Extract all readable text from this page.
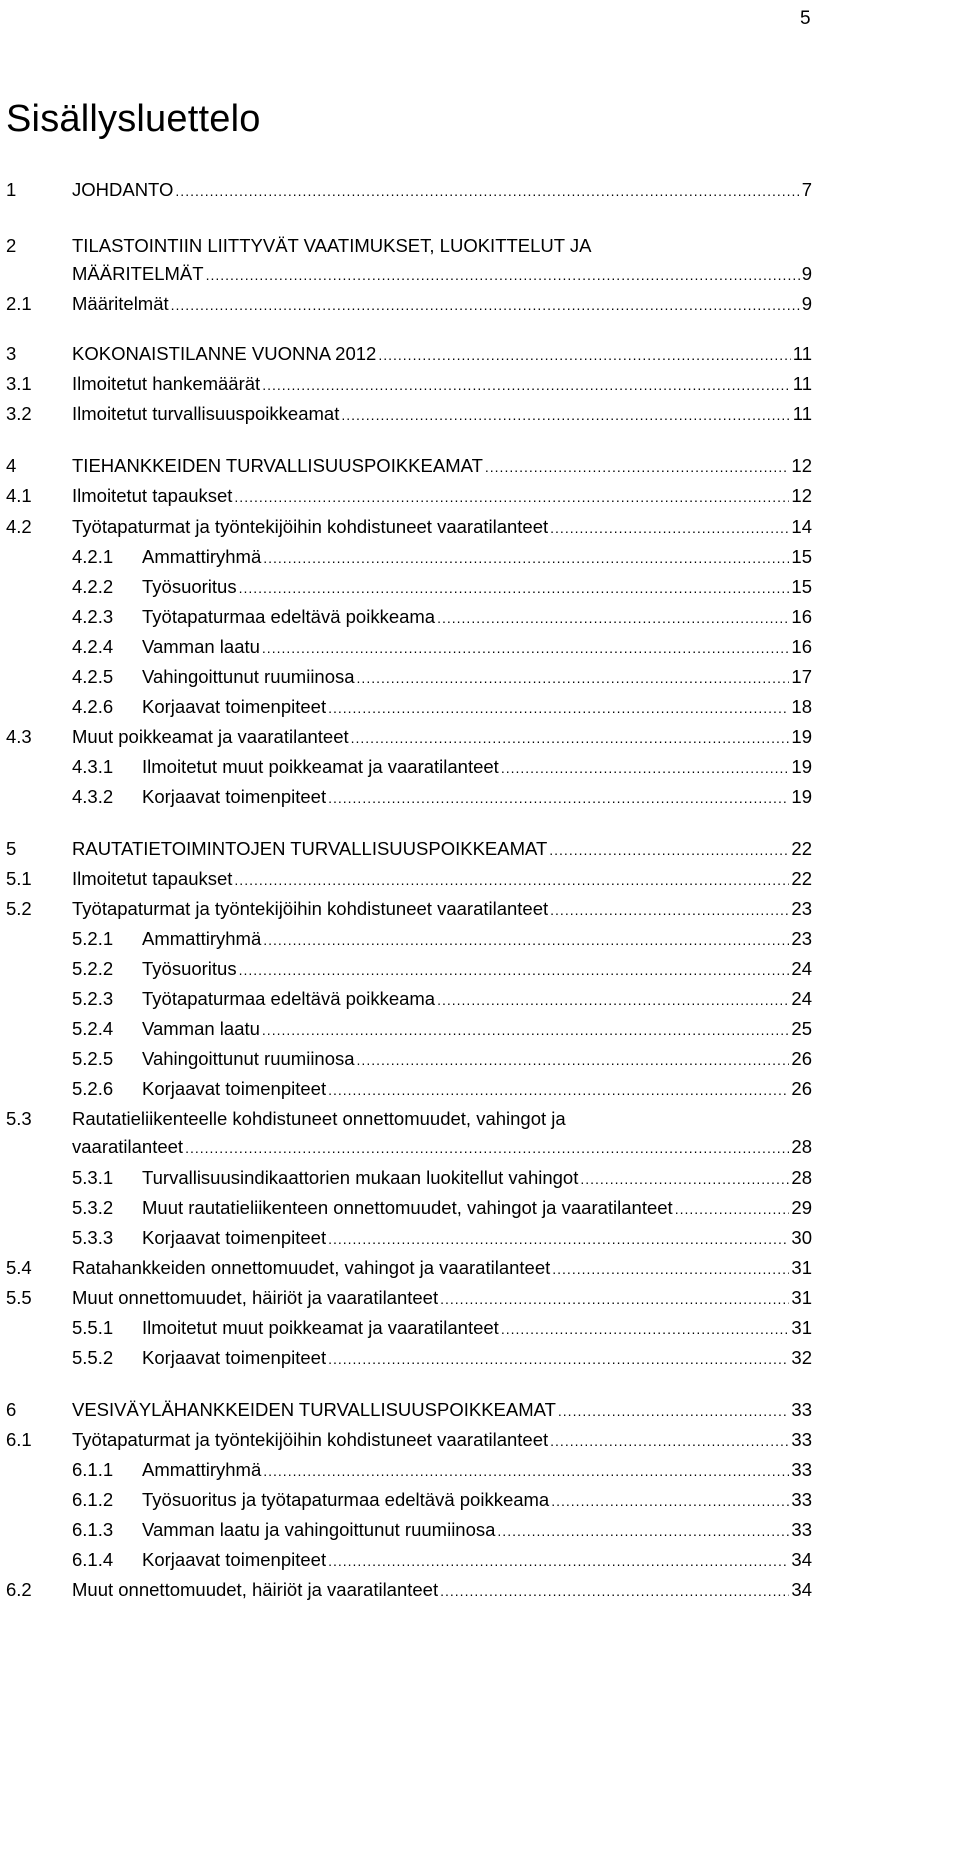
5
Sisällysluettelo
1	JOHDANTO .....	7
2	TILASTOINTIIN LIITTYVÄT VAATIMUKSET, LUOKITTELUT JA
MÄÄRITELMÄT .....	9
2.1 Määritelmät .....	9
3	KOKONAISTILANNE VUONNA 2012 .....	11
3.1 Ilmoitetut hankemäärät .....	11
3.2 Ilmoitetut turvallisuuspoikkeamat .....	11
4	TIEHANKKEIDEN TURVALLISUUSPOIKKEAMAT .....	12
4.1 Ilmoitetut tapaukset .....	12
4.2 Työtapaturmat ja työntekijöihin kohdistuneet vaaratilanteet .....	14
4.2.1 Ammattiryhmä .....	15
4.2.2 Työsuoritus .....	15
4.2.3 Työtapaturmaa edeltävä poikkeama .....	16
4.2.4 Vamman laatu .....	16
4.2.5 Vahingoittunut ruumiinosa .....	17
4.2.6 Korjaavat toimenpiteet .....	18
4.3 Muut poikkeamat ja vaaratilanteet .....	19
4.3.1 Ilmoitetut muut poikkeamat ja vaaratilanteet .....	19
4.3.2 Korjaavat toimenpiteet .....	19
5	RAUTATIETOIMINTOJEN TURVALLISUUSPOIKKEAMAT .....	22
5.1 Ilmoitetut tapaukset .....	22
5.2 Työtapaturmat ja työntekijöihin kohdistuneet vaaratilanteet .....	23
5.2.1 Ammattiryhmä .....	23
5.2.2 Työsuoritus .....	24
5.2.3 Työtapaturmaa edeltävä poikkeama .....	24
5.2.4 Vamman laatu .....	25
5.2.5 Vahingoittunut ruumiinosa .....	26
5.2.6 Korjaavat toimenpiteet .....	26
5.3 Rautatieliikenteelle kohdistuneet onnettomuudet, vahingot ja
vaaratilanteet .....	28
5.3.1 Turvallisuusindikaattorien mukaan luokitellut vahingot .....	28
5.3.2 Muut rautatieliikenteen onnettomuudet, vahingot ja vaaratilanteet .....	29
5.3.3 Korjaavat toimenpiteet .....	30
5.4 Ratahankkeiden onnettomuudet, vahingot ja vaaratilanteet .....	31
5.5 Muut onnettomuudet, häiriöt ja vaaratilanteet .....	31
5.5.1 Ilmoitetut muut poikkeamat ja vaaratilanteet .....	31
5.5.2 Korjaavat toimenpiteet .....	32
6	VESIVÄYLÄHANKKEIDEN TURVALLISUUSPOIKKEAMAT .....	33
6.1 Työtapaturmat ja työntekijöihin kohdistuneet vaaratilanteet .....	33
6.1.1 Ammattiryhmä .....	33
6.1.2 Työsuoritus ja työtapaturmaa edeltävä poikkeama .....	33
6.1.3 Vamman laatu ja vahingoittunut ruumiinosa .....	33
6.1.4 Korjaavat toimenpiteet .....	34
6.2 Muut onnettomuudet, häiriöt ja vaaratilanteet .....	34
